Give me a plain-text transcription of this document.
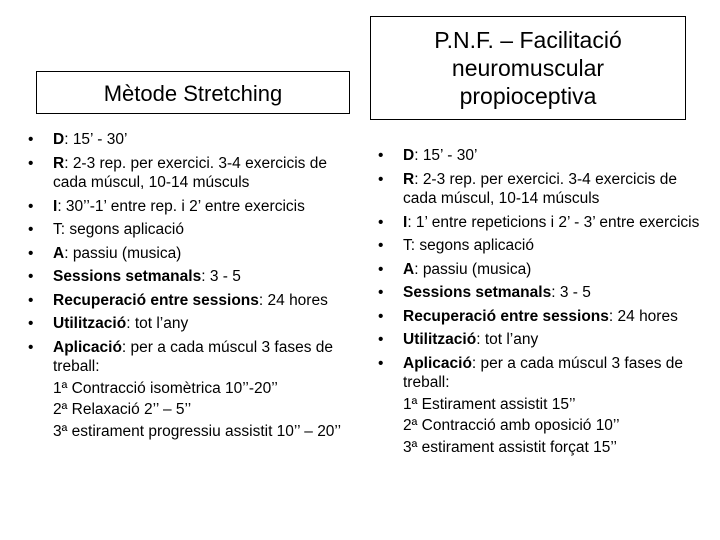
Mètode Stretching
P.N.F. – Facilitació
neuromuscular
propioceptiva
• D: 15’ - 30’
• R: 2-3 rep. per exercici. 3-4 exercicis de cada múscul, 10-14 músculs
• I: 30’’-1’ entre rep. i 2’ entre exercicis
• T: segons aplicació
• A: passiu (musica)
• Sessions setmanals: 3 - 5
• Recuperació entre sessions: 24 hores
• Utilització: tot l’any
• Aplicació: per a cada múscul 3 fases de treball:
1ª Contracció isomètrica 10’’-20’’
2ª Relaxació 2’’ – 5’’
3ª estirament progressiu assistit 10’’ – 20’’
• D: 15’ - 30’
• R: 2-3 rep. per exercici. 3-4 exercicis de cada múscul, 10-14 músculs
• I: 1’ entre repeticions i 2’ - 3’ entre exercicis
• T: segons aplicació
• A: passiu (musica)
• Sessions setmanals: 3 - 5
• Recuperació entre sessions: 24 hores
• Utilització: tot l’any
• Aplicació: per a cada múscul 3 fases de treball:
1ª Estirament assistit 15’’
2ª Contracció amb oposició 10’’
3ª estirament assistit forçat 15’’
